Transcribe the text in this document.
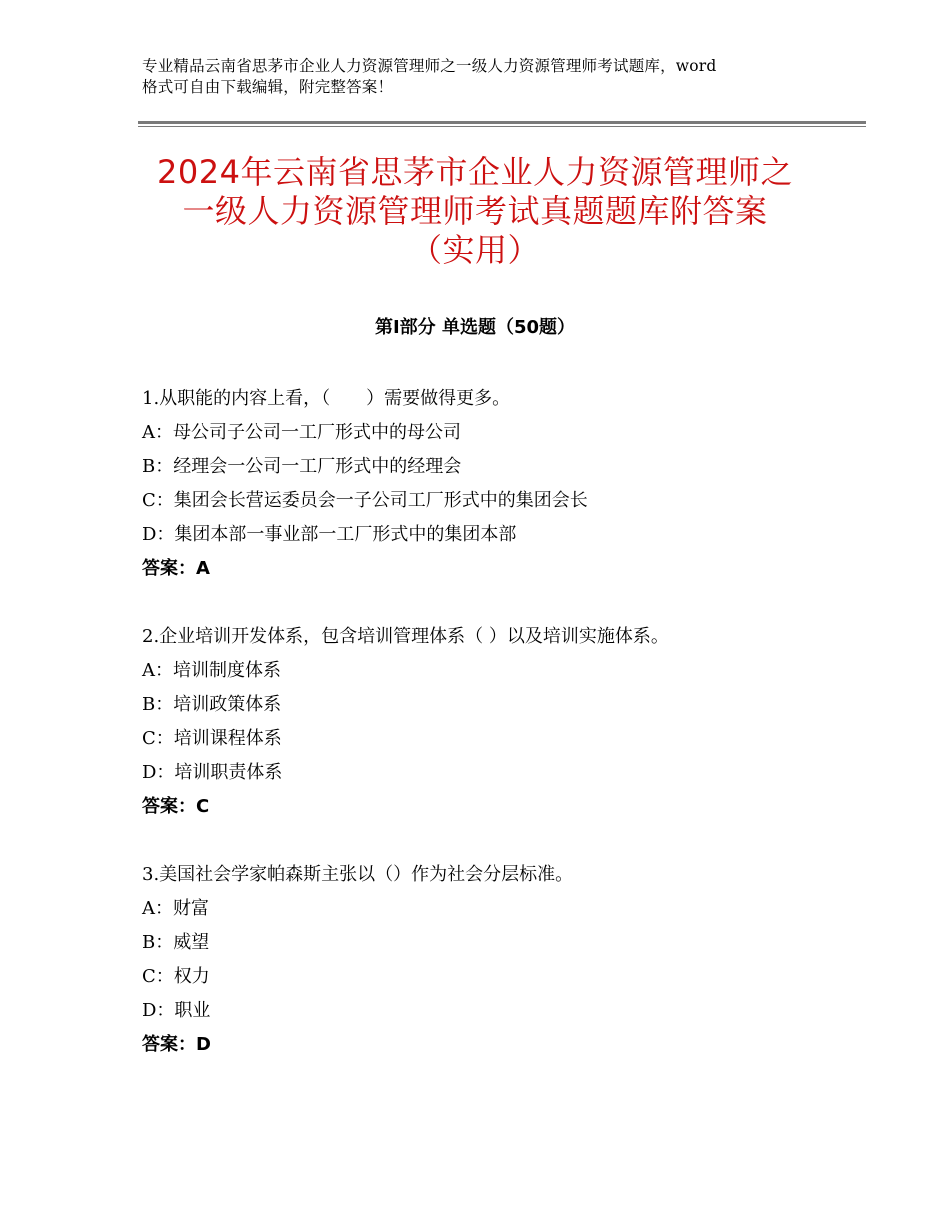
专业精品云南省思茅市企业人力资源管理师之一级人力资源管理师考试题库，word
格式可自由下载编辑，附完整答案！
2024年云南省思茅市企业人力资源管理师之
一级人力资源管理师考试真题题库附答案
（实用）
第Ⅰ部分 单选题（50题）
1.从职能的内容上看，（　　）需要做得更多。
A：母公司子公司一工厂形式中的母公司
B：经理会一公司一工厂形式中的经理会
C：集团会长营运委员会一子公司工厂形式中的集团会长
D：集团本部一事业部一工厂形式中的集团本部
答案：A
2.企业培训开发体系，包含培训管理体系（ ）以及培训实施体系。
A：培训制度体系
B：培训政策体系
C：培训课程体系
D：培训职责体系
答案：C
3.美国社会学家帕森斯主张以（）作为社会分层标准。
A：财富
B：威望
C：权力
D：职业
答案：D
